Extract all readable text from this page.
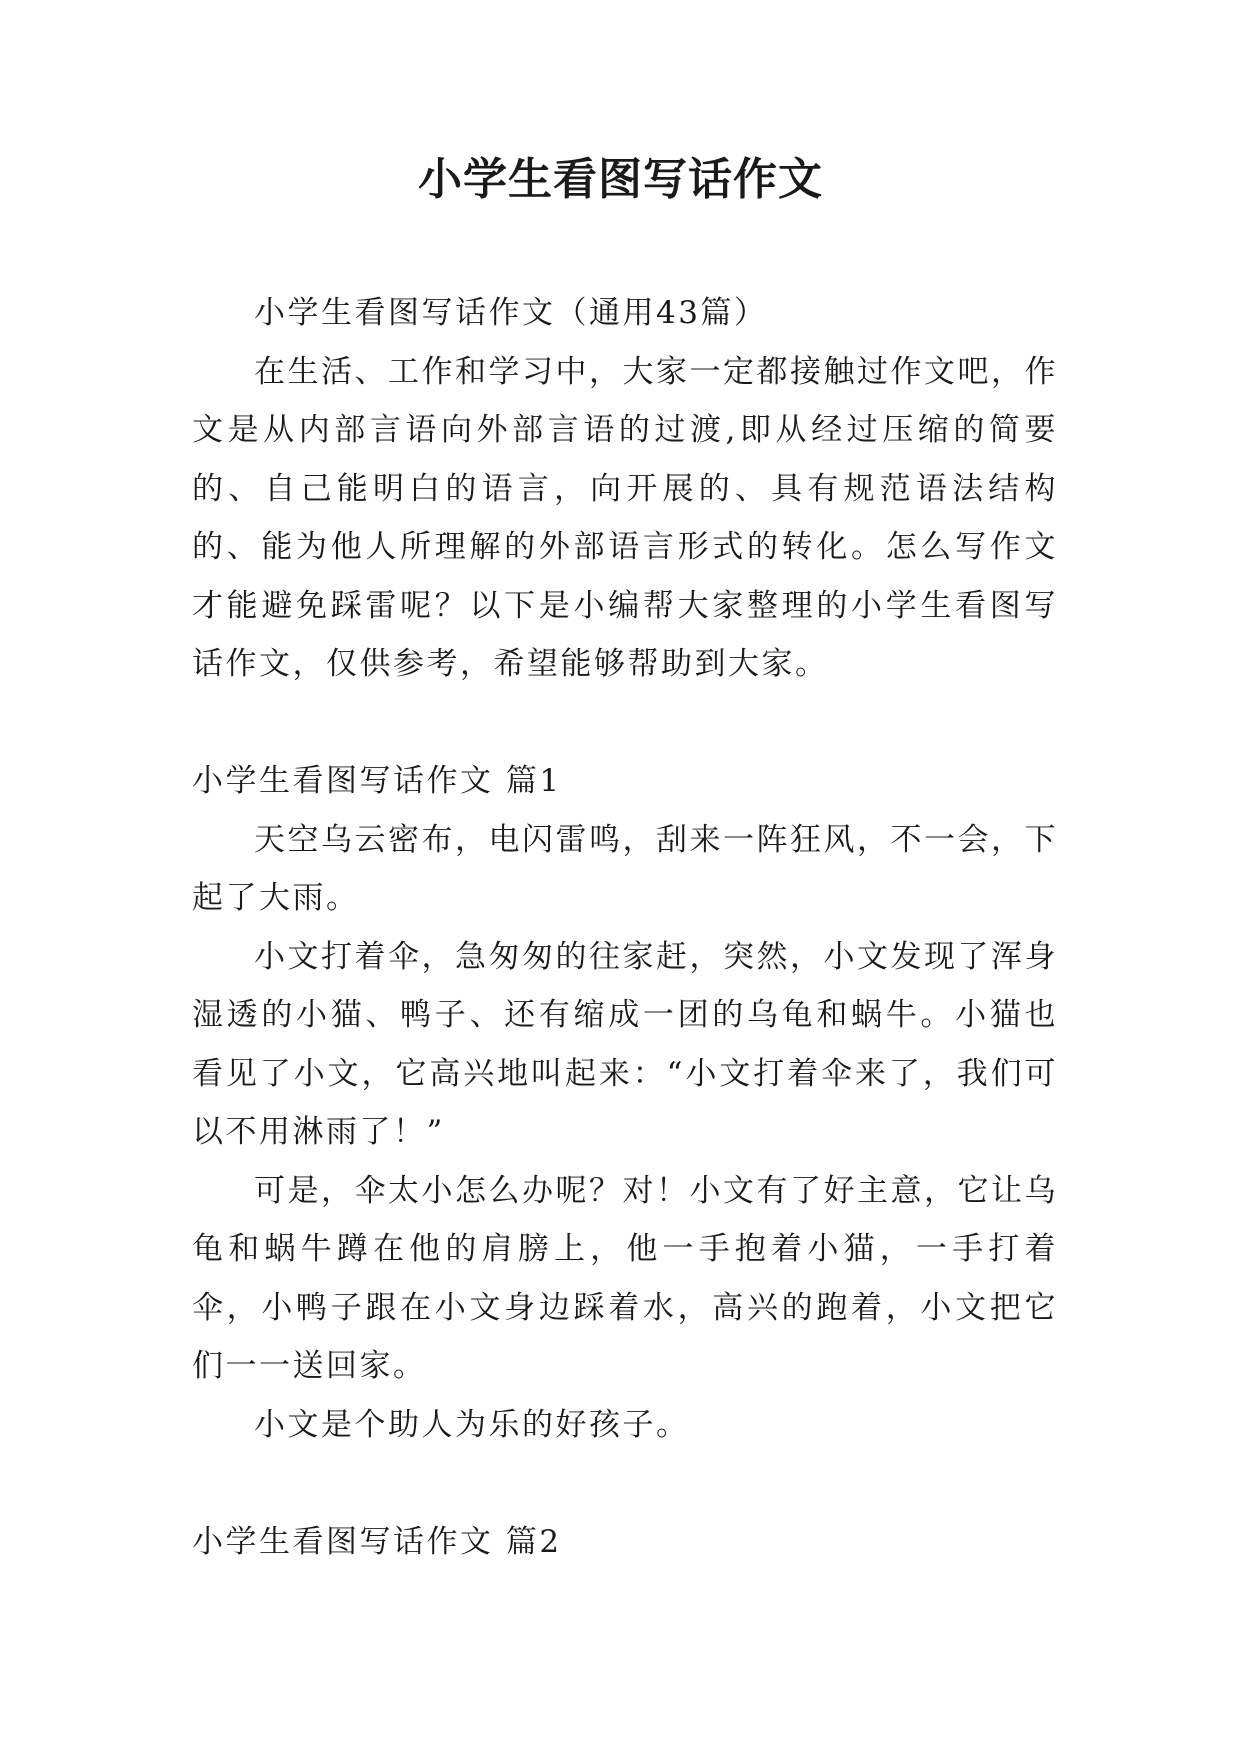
小学生看图写话作文

小学生看图写话作文（通用43篇）

在生活、工作和学习中，大家一定都接触过作文吧，作文是从内部言语向外部言语的过渡,即从经过压缩的简要的、自己能明白的语言，向开展的、具有规范语法结构的、能为他人所理解的外部语言形式的转化。怎么写作文才能避免踩雷呢？以下是小编帮大家整理的小学生看图写话作文，仅供参考，希望能够帮助到大家。

小学生看图写话作文 篇1

天空乌云密布，电闪雷鸣，刮来一阵狂风，不一会，下起了大雨。

小文打着伞，急匆匆的往家赶，突然，小文发现了浑身湿透的小猫、鸭子、还有缩成一团的乌龟和蜗牛。小猫也看见了小文，它高兴地叫起来：“小文打着伞来了，我们可以不用淋雨了！”

可是，伞太小怎么办呢？对！小文有了好主意，它让乌龟和蜗牛蹲在他的肩膀上，他一手抱着小猫，一手打着伞，小鸭子跟在小文身边踩着水，高兴的跑着，小文把它们一一送回家。

小文是个助人为乐的好孩子。

小学生看图写话作文 篇2
